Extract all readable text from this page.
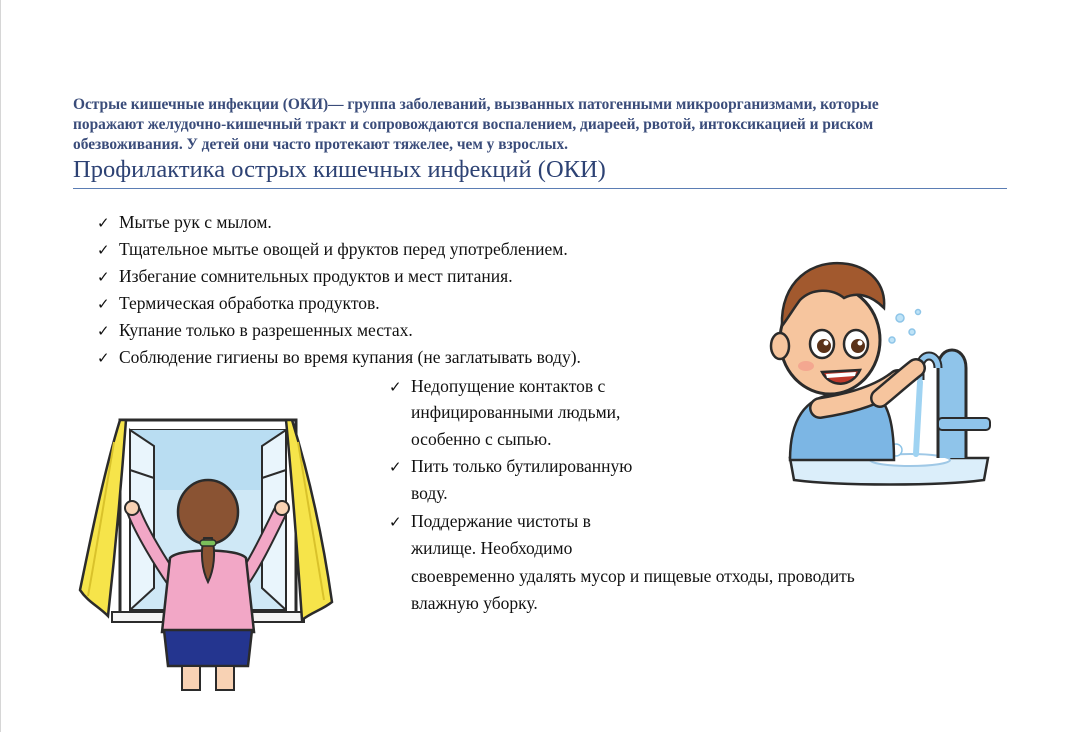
Острые кишечные инфекции (ОКИ)— группа заболеваний, вызванных патогенными микроорганизмами, которые
поражают желудочно-кишечный тракт и сопровождаются воспалением, диареей, рвотой, интоксикацией и риском
обезвоживания. У детей они часто протекают тяжелее, чем у взрослых.
Профилактика острых кишечных инфекций (ОКИ)
✓ Мытье рук с мылом.
✓ Тщательное мытье овощей и фруктов перед употреблением.
✓ Избегание сомнительных продуктов и мест питания.
✓ Термическая обработка продуктов.
✓ Купание только в разрешенных местах.
✓ Соблюдение гигиены во время купания (не заглатывать воду).
✓ Недопущение контактов с
инфицированными людьми,
особенно с сыпью.
✓ Пить только бутилированную
воду.
✓ Поддержание чистоты в
жилище. Необходимо
своевременно удалять мусор и пищевые отходы, проводить
влажную уборку.
